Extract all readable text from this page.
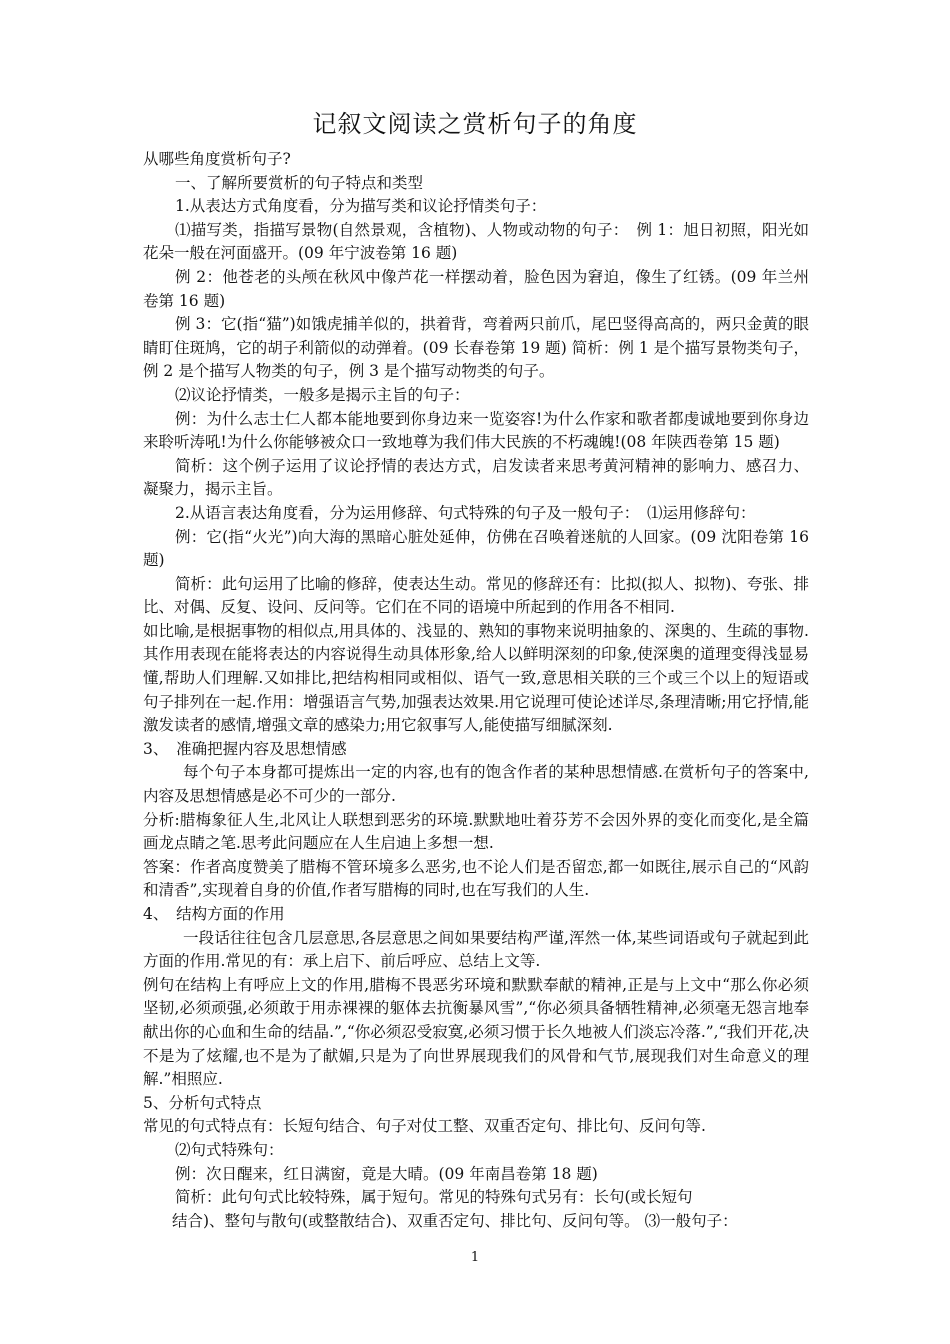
记叙文阅读之赏析句子的角度

从哪些角度赏析句子?

一、了解所要赏析的句子特点和类型

1.从表达方式角度看，分为描写类和议论抒情类句子：

⑴描写类，指描写景物(自然景观，含植物)、人物或动物的句子：　例 1：旭日初照，阳光如花朵一般在河面盛开。(09 年宁波卷第 16 题)

例 2：他苍老的头颅在秋风中像芦花一样摆动着，脸色因为窘迫，像生了红锈。(09 年兰州卷第 16 题)

例 3：它(指“猫”)如饿虎捕羊似的，拱着背，弯着两只前爪，尾巴竖得高高的，两只金黄的眼睛盯住斑鸠，它的胡子利箭似的动弹着。(09 长春卷第 19 题) 简析：例 1 是个描写景物类句子，例 2 是个描写人物类的句子，例 3 是个描写动物类的句子。

⑵议论抒情类，一般多是揭示主旨的句子：

例：为什么志士仁人都本能地要到你身边来一览姿容!为什么作家和歌者都虔诚地要到你身边来聆听涛吼!为什么你能够被众口一致地尊为我们伟大民族的不朽魂魄!(08 年陕西卷第 15 题)

简析：这个例子运用了议论抒情的表达方式，启发读者来思考黄河精神的影响力、感召力、凝聚力，揭示主旨。

2.从语言表达角度看，分为运用修辞、句式特殊的句子及一般句子：　⑴运用修辞句：

例：它(指“火光”)向大海的黑暗心脏处延伸，仿佛在召唤着迷航的人回家。(09 沈阳卷第 16 题)

简析：此句运用了比喻的修辞，使表达生动。常见的修辞还有：比拟(拟人、拟物)、夸张、排比、对偶、反复、设问、反问等。它们在不同的语境中所起到的作用各不相同.

如比喻,是根据事物的相似点,用具体的、浅显的、熟知的事物来说明抽象的、深奥的、生疏的事物.其作用表现在能将表达的内容说得生动具体形象,给人以鲜明深刻的印象,使深奥的道理变得浅显易懂,帮助人们理解.又如排比,把结构相同或相似、语气一致,意思相关联的三个或三个以上的短语或句子排列在一起.作用：增强语言气势,加强表达效果.用它说理可使论述详尽,条理清晰;用它抒情,能激发读者的感情,增强文章的感染力;用它叙事写人,能使描写细腻深刻.

3、　准确把握内容及思想情感

每个句子本身都可提炼出一定的内容,也有的饱含作者的某种思想情感.在赏析句子的答案中,内容及思想情感是必不可少的一部分.

分析:腊梅象征人生,北风让人联想到恶劣的环境.默默地吐着芬芳不会因外界的变化而变化,是全篇画龙点睛之笔.思考此问题应在人生启迪上多想一想.

答案：作者高度赞美了腊梅不管环境多么恶劣,也不论人们是否留恋,都一如既往,展示自己的“风韵和清香”,实现着自身的价值,作者写腊梅的同时,也在写我们的人生.

4、　结构方面的作用

一段话往往包含几层意思,各层意思之间如果要结构严谨,浑然一体,某些词语或句子就起到此方面的作用.常见的有：承上启下、前后呼应、总结上文等.

例句在结构上有呼应上文的作用,腊梅不畏恶劣环境和默默奉献的精神,正是与上文中“那么你必须坚韧,必须顽强,必须敢于用赤裸裸的躯体去抗衡暴风雪”,“你必须具备牺牲精神,必须毫无怨言地奉献出你的心血和生命的结晶.”,“你必须忍受寂寞,必须习惯于长久地被人们淡忘冷落.”,“我们开花,决不是为了炫耀,也不是为了献媚,只是为了向世界展现我们的风骨和气节,展现我们对生命意义的理解.”相照应.

5、分析句式特点

常见的句式特点有：长短句结合、句子对仗工整、双重否定句、排比句、反问句等.

⑵句式特殊句：

例：次日醒来，红日满窗，竟是大晴。(09 年南昌卷第 18 题)

简析：此句句式比较特殊，属于短句。常见的特殊句式另有：长句(或长短句

结合)、整句与散句(或整散结合)、双重否定句、排比句、反问句等。 ⑶一般句子：

1
